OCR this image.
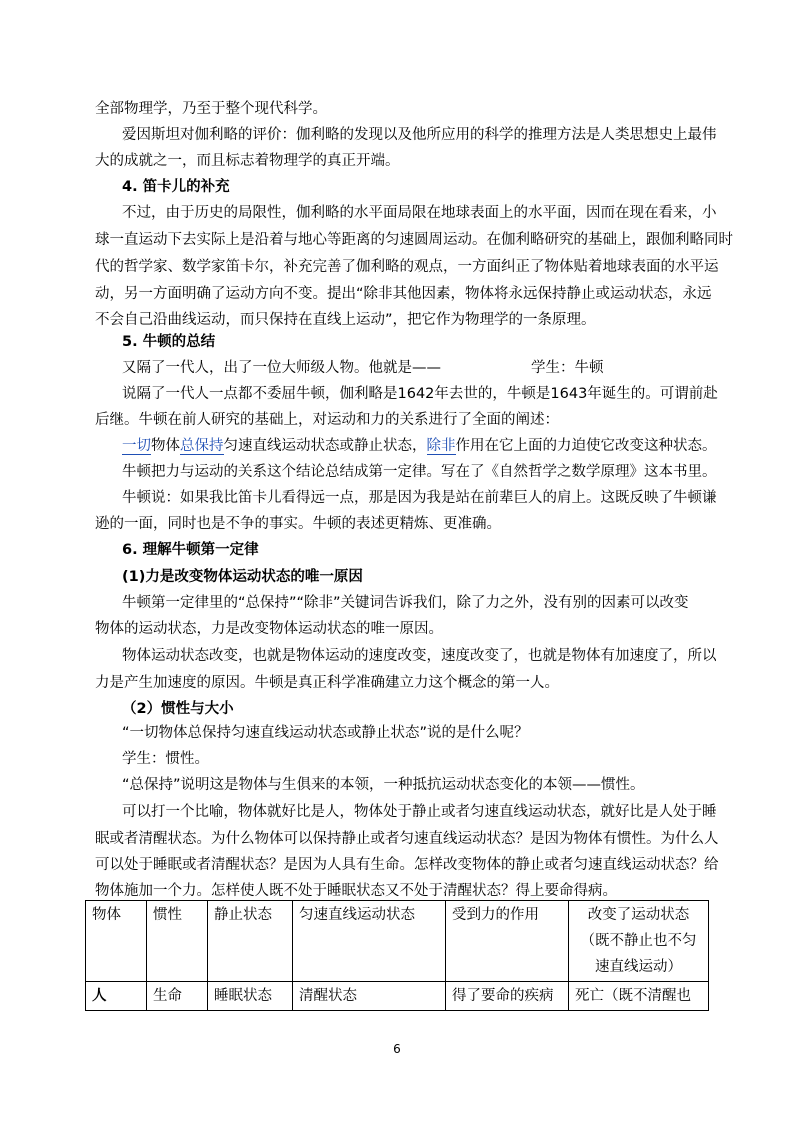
全部物理学，乃至于整个现代科学。
爱因斯坦对伽利略的评价：伽利略的发现以及他所应用的科学的推理方法是人类思想史上最伟
大的成就之一，而且标志着物理学的真正开端。
4. 笛卡儿的补充
不过，由于历史的局限性，伽利略的水平面局限在地球表面上的水平面，因而在现在看来，小
球一直运动下去实际上是沿着与地心等距离的匀速圆周运动。在伽利略研究的基础上，跟伽利略同时
代的哲学家、数学家笛卡尔，补充完善了伽利略的观点，一方面纠正了物体贴着地球表面的水平运
动，另一方面明确了运动方向不变。提出“除非其他因素，物体将永远保持静止或运动状态，永远
不会自己沿曲线运动，而只保持在直线上运动”，把它作为物理学的一条原理。
5. 牛顿的总结
又隔了一代人，出了一位大师级人物。他就是——	学生：牛顿
说隔了一代人一点都不委屈牛顿，伽利略是1642年去世的，牛顿是1643年诞生的。可谓前赴
后继。牛顿在前人研究的基础上，对运动和力的关系进行了全面的阐述：
一切物体总保持匀速直线运动状态或静止状态，除非作用在它上面的力迫使它改变这种状态。
牛顿把力与运动的关系这个结论总结成第一定律。写在了《自然哲学之数学原理》这本书里。
牛顿说：如果我比笛卡儿看得远一点，那是因为我是站在前辈巨人的肩上。这既反映了牛顿谦
逊的一面，同时也是不争的事实。牛顿的表述更精炼、更准确。
6. 理解牛顿第一定律
(1)力是改变物体运动状态的唯一原因
牛顿第一定律里的“总保持”“除非”关键词告诉我们，除了力之外，没有别的因素可以改变
物体的运动状态，力是改变物体运动状态的唯一原因。
物体运动状态改变，也就是物体运动的速度改变，速度改变了，也就是物体有加速度了，所以
力是产生加速度的原因。牛顿是真正科学准确建立力这个概念的第一人。
（2）惯性与大小
“一切物体总保持匀速直线运动状态或静止状态”说的是什么呢？
学生：惯性。
“总保持”说明这是物体与生俱来的本领，一种抵抗运动状态变化的本领——惯性。
可以打一个比喻，物体就好比是人，物体处于静止或者匀速直线运动状态，就好比是人处于睡
眠或者清醒状态。为什么物体可以保持静止或者匀速直线运动状态？是因为物体有惯性。为什么人
可以处于睡眠或者清醒状态？是因为人具有生命。怎样改变物体的静止或者匀速直线运动状态？给
物体施加一个力。怎样使人既不处于睡眠状态又不处于清醒状态？得上要命得病。
物体	惯性	静止状态	匀速直线运动状态	受到力的作用	改变了运动状态
（既不静止也不匀
速直线运动）

人	生命	睡眠状态	清醒状态	得了要命的疾病	死亡（既不清醒也
6
